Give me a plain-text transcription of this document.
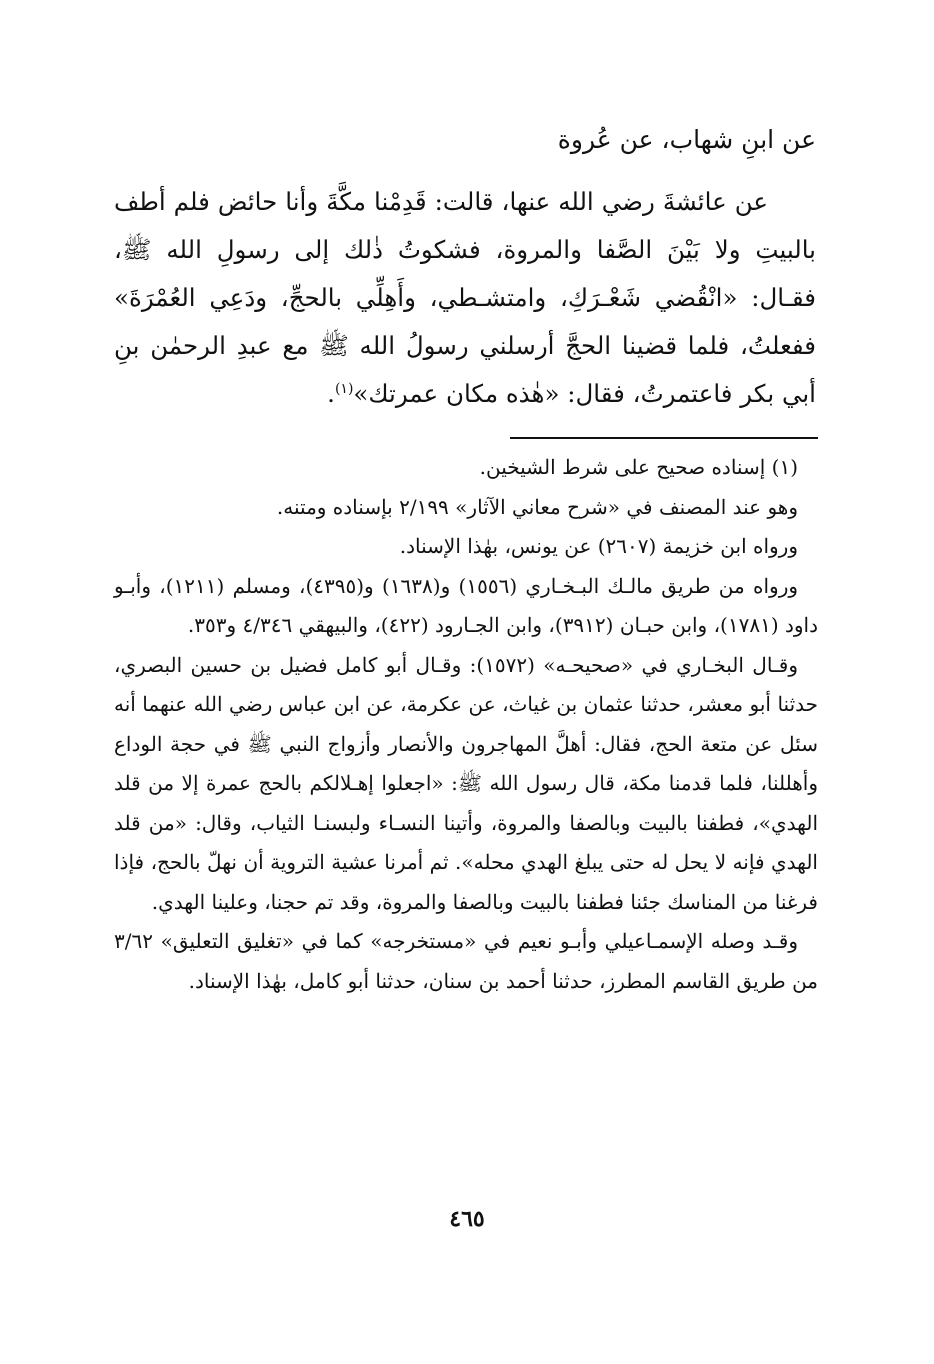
عن ابنِ شهاب، عن عُروة
عن عائشةَ رضي الله عنها، قالت: قَدِمْنا مكَّةَ وأنا حائض فلم أطف بالبيتِ ولا بَيْنَ الصَّفا والمروة، فشكوتُ ذٰلك إلى رسولِ الله ﷺ، فقـال: «انْقُضي شَعْـرَكِ، وامتشـطي، وأَهِلِّي بالحجِّ، ودَعِي العُمْرَةَ» ففعلتُ، فلما قضينا الحجَّ أرسلني رسولُ الله ﷺ مع عبدِ الرحمٰن بنِ أبي بكر فاعتمرتُ، فقال: «هٰذه مكان عمرتك»$^{(١)}$.

(١) إسناده صحيح على شرط الشيخين.

وهو عند المصنف في «شرح معاني الآثار» ٢/١٩٩ بإسناده ومتنه.

ورواه ابن خزيمة (٢٦٠٧) عن يونس، بهٰذا الإسناد.

ورواه من طريق مالـك البـخـاري (١٥٥٦) و(١٦٣٨) و(٤٣٩٥)، ومسلم (١٢١١)، وأبـو داود (١٧٨١)، وابن حبـان (٣٩١٢)، وابن الجـارود (٤٢٢)، والبيهقي ٤/٣٤٦ و٣٥٣.

وقـال البخـاري في «صحيحـه» (١٥٧٢): وقـال أبو كامل فضيل بن حسين البصري، حدثنا أبو معشر، حدثنا عثمان بن غياث، عن عكرمة، عن ابن عباس رضي الله عنهما أنه سئل عن متعة الحج، فقال: أهلَّ المهاجرون والأنصار وأزواج النبي ﷺ في حجة الوداع وأهللنا، فلما قدمنا مكة، قال رسول الله ﷺ: «اجعلوا إهـلالكم بالحج عمرة إلا من قلد الهدي»، فطفنا بالبيت وبالصفا والمروة، وأتينا النسـاء ولبسنـا الثياب، وقال: «من قلد الهدي فإنه لا يحل له حتى يبلغ الهدي محله». ثم أمرنا عشية التروية أن نهلّ بالحج، فإذا فرغنا من المناسك جئنا فطفنا بالبيت وبالصفا والمروة، وقد تم حجنا، وعلينا الهدي.

وقـد وصله الإسمـاعيلي وأبـو نعيم في «مستخرجه» كما في «تغليق التعليق» ٣/٦٢ من طريق القاسم المطرز، حدثنا أحمد بن سنان، حدثنا أبو كامل، بهٰذا الإسناد.

٤٦٥
